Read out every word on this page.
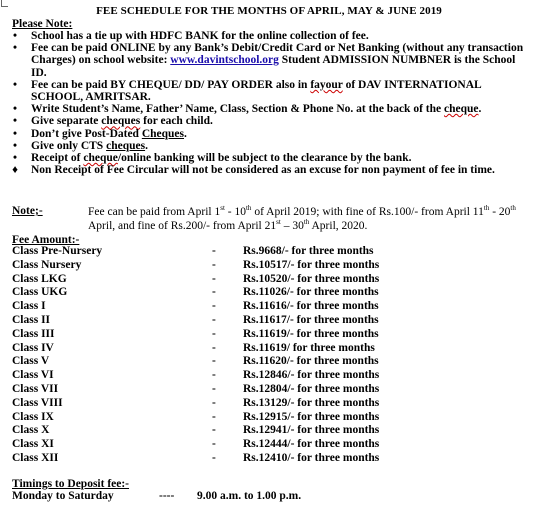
FEE SCHEDULE FOR THE MONTHS OF APRIL, MAY & JUNE 2019
Please Note:
•	School has a tie up with HDFC BANK for the online collection of fee.
•	Fee can be paid ONLINE by any Bank’s Debit/Credit Card or Net Banking (without any transaction Charges) on school website: www.davintschool.org Student ADMISSION NUMBNER is the School ID.
•	Fee can be paid BY CHEQUE/ DD/ PAY ORDER also in fayour of DAV INTERNATIONAL SCHOOL, AMRITSAR.
•	Write Student’s Name, Father’ Name, Class, Section & Phone No. at the back of the cheque.
•	Give separate cheques for each child.
•	Don’t give Post-Dated Cheques.
•	Give only CTS cheques.
•	Receipt of cheque/online banking will be subject to the clearance by the bank.
♦	Non Receipt of Fee Circular will not be considered as an excuse for non payment of fee in time.
Note;-	Fee can be paid from April 1st - 10th of April 2019; with fine of Rs.100/- from April 11th - 20th April, and fine of Rs.200/- from April 21st – 30th April, 2020.
Fee Amount:-
Class Pre-Nursery	- Rs.9668/- for three months
Class Nursery	- Rs.10517/- for three months
Class LKG	- Rs.10520/- for three months
Class UKG	- Rs.11026/- for three months
Class I	- Rs.11616/- for three months
Class II	- Rs.11617/- for three months
Class III	- Rs.11619/- for three months
Class IV	- Rs.11619/ for three months
Class V	- Rs.11620/- for three months
Class VI	- Rs.12846/- for three months
Class VII	- Rs.12804/- for three months
Class VIII	- Rs.13129/- for three months
Class IX	- Rs.12915/- for three months
Class X	- Rs.12941/- for three months
Class XI	- Rs.12444/- for three months
Class XII	- Rs.12410/- for three months
Timings to Deposit fee:-
Monday to Saturday	---- 9.00 a.m. to 1.00 p.m.
